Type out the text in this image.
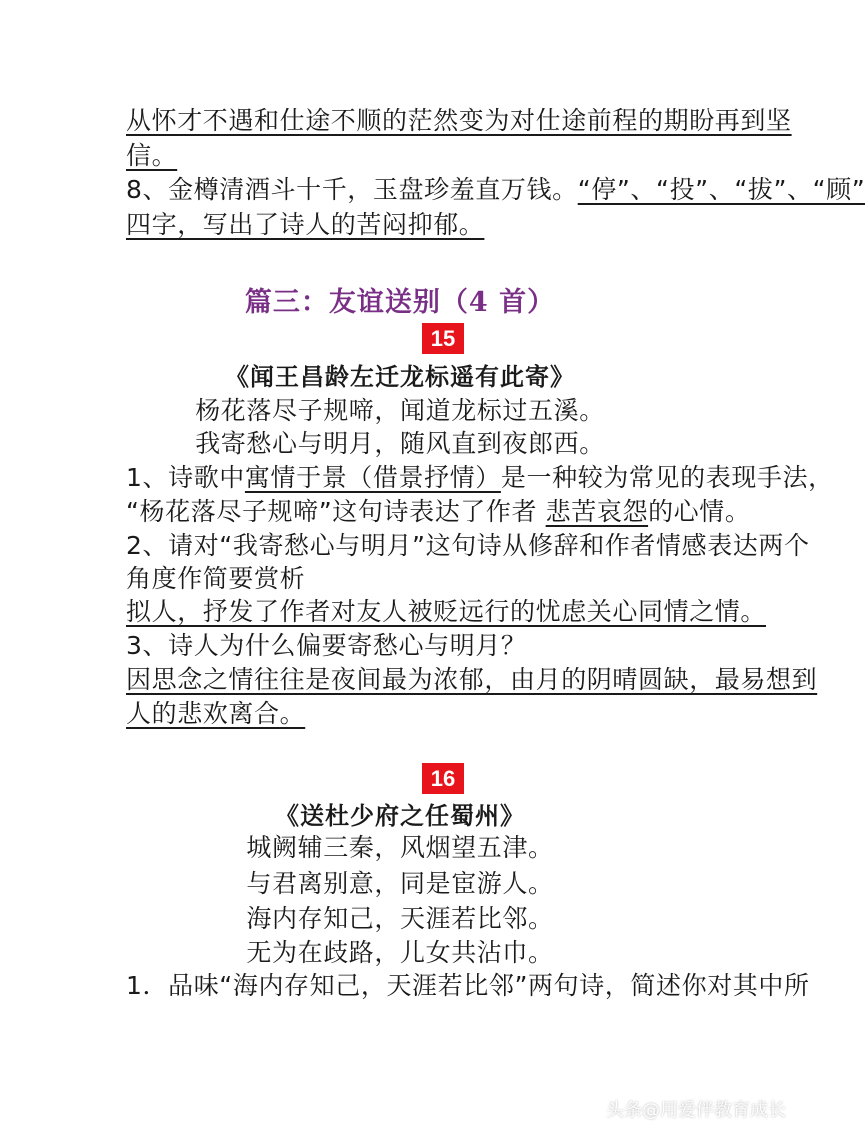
从怀才不遇和仕途不顺的茫然变为对仕途前程的期盼再到坚
信。
8、金樽清酒斗十千，玉盘珍羞直万钱。“停”、“投”、“拔”、“顾”
四字，写出了诗人的苦闷抑郁。
篇三：友谊送别（4 首）
15
《闻王昌龄左迁龙标遥有此寄》
杨花落尽子规啼，闻道龙标过五溪。
我寄愁心与明月，随风直到夜郎西。
1、诗歌中寓情于景（借景抒情）是一种较为常见的表现手法，
“杨花落尽子规啼”这句诗表达了作者 悲苦哀怨的心情。
2、请对“我寄愁心与明月”这句诗从修辞和作者情感表达两个
角度作简要赏析
拟人，抒发了作者对友人被贬远行的忧虑关心同情之情。
3、诗人为什么偏要寄愁心与明月？
因思念之情往往是夜间最为浓郁，由月的阴晴圆缺，最易想到
人的悲欢离合。
16
《送杜少府之任蜀州》
城阙辅三秦，风烟望五津。
与君离别意，同是宦游人。
海内存知己，天涯若比邻。
无为在歧路，儿女共沾巾。
1．品味“海内存知己，天涯若比邻”两句诗，简述你对其中所
头条@用爱伴教育成长
